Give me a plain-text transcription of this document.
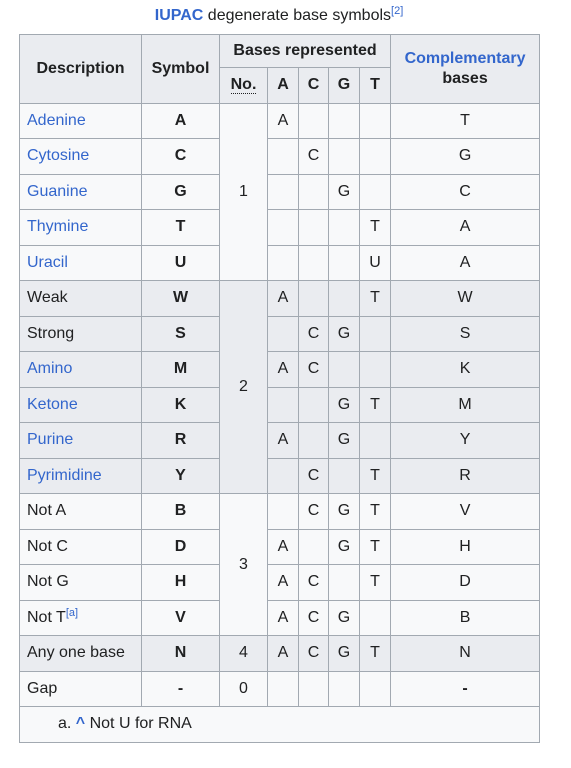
IUPAC degenerate base symbols[2]
Description	Symbol	Bases represented					Complementary
bases
		No.	A	C	G	T	
Adenine	A	1	A				T
Cytosine	C			C			G
Guanine	G				G		C
Thymine	T					T	A
Uracil	U					U	A
Weak	W	2	A			T	W
Strong	S			C	G		S
Amino	M		A	C			K
Ketone	K				G	T	M
Purine	R		A		G		Y
Pyrimidine	Y			C		T	R
Not A	B	3		C	G	T	V
Not C	D		A		G	T	H
Not G	H		A	C		T	D
Not T[a]	V		A	C	G		B
Any one base	N	4	A	C	G	T	N
Gap	-	0					-
a. ^ Not U for RNA							
